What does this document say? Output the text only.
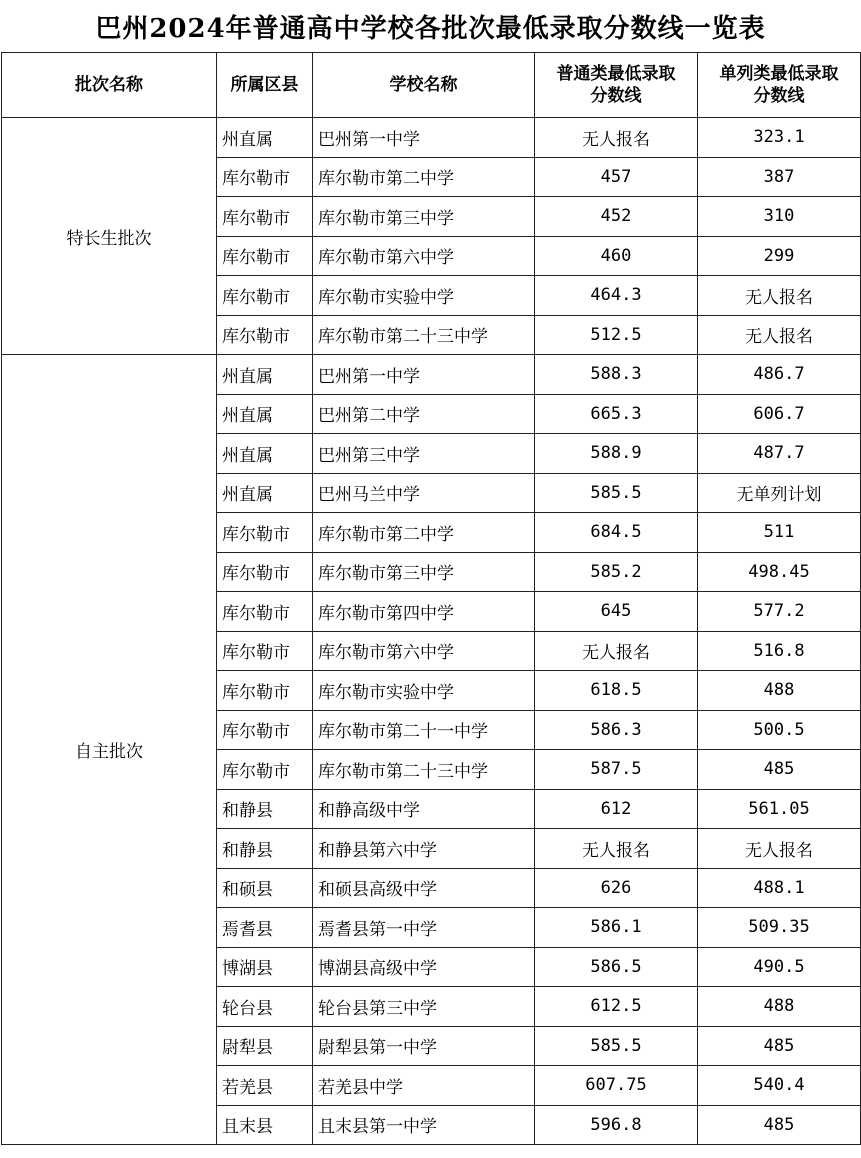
巴州2024年普通高中学校各批次最低录取分数线一览表
批次名称	所属区县	学校名称	普通类最低录取分数线	单列类最低录取分数线

特长生批次	州直属	巴州第一中学	无人报名	323.1
	库尔勒市	库尔勒市第二中学	457	387
	库尔勒市	库尔勒市第三中学	452	310
	库尔勒市	库尔勒市第六中学	460	299
	库尔勒市	库尔勒市实验中学	464.3	无人报名
	库尔勒市	库尔勒市第二十三中学	512.5	无人报名
自主批次	州直属	巴州第一中学	588.3	486.7
	州直属	巴州第二中学	665.3	606.7
	州直属	巴州第三中学	588.9	487.7
	州直属	巴州马兰中学	585.5	无单列计划
	库尔勒市	库尔勒市第二中学	684.5	511
	库尔勒市	库尔勒市第三中学	585.2	498.45
	库尔勒市	库尔勒市第四中学	645	577.2
	库尔勒市	库尔勒市第六中学	无人报名	516.8
	库尔勒市	库尔勒市实验中学	618.5	488
	库尔勒市	库尔勒市第二十一中学	586.3	500.5
	库尔勒市	库尔勒市第二十三中学	587.5	485
	和静县	和静高级中学	612	561.05
	和静县	和静县第六中学	无人报名	无人报名
	和硕县	和硕县高级中学	626	488.1
	焉耆县	焉耆县第一中学	586.1	509.35
	博湖县	博湖县高级中学	586.5	490.5
	轮台县	轮台县第三中学	612.5	488
	尉犁县	尉犁县第一中学	585.5	485
	若羌县	若羌县中学	607.75	540.4
	且末县	且末县第一中学	596.8	485
